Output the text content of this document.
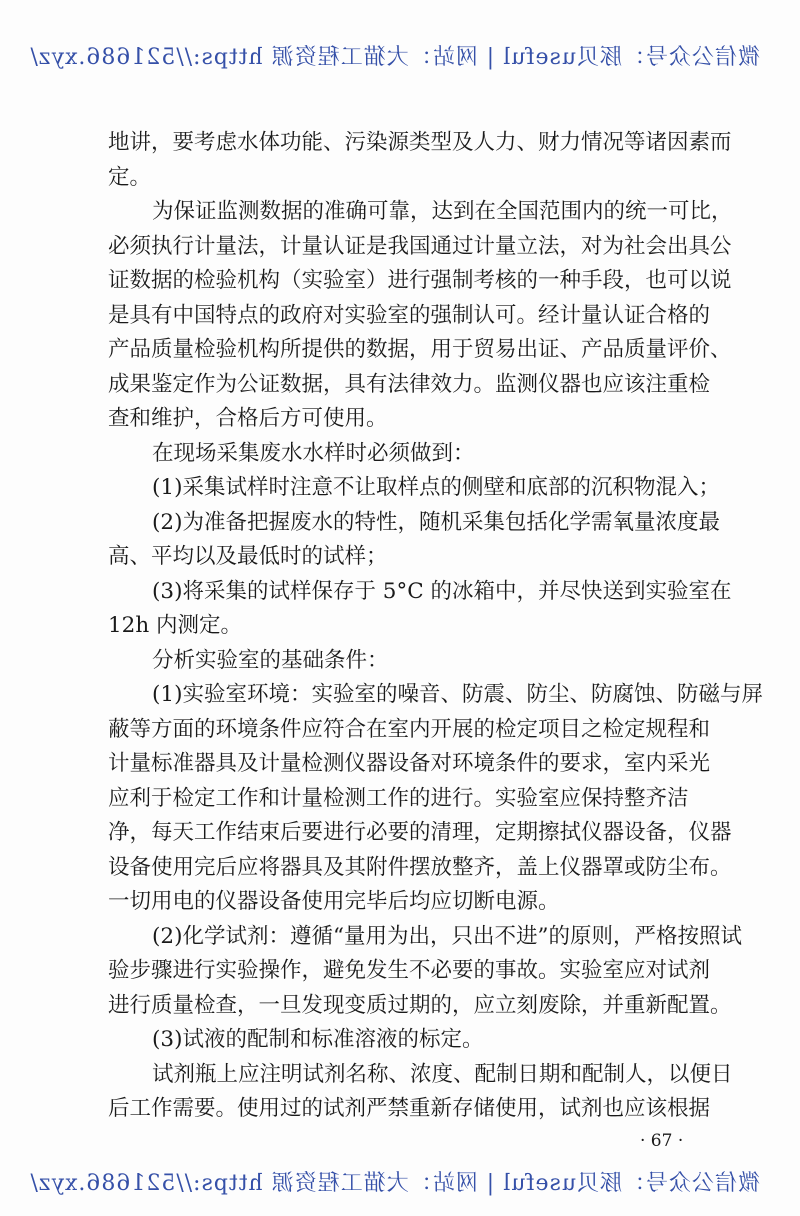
微信公众号：豚贝useful | 网站：大猫工程资源 https://521686.xyz/
地讲，要考虑水体功能、污染源类型及人力、财力情况等诸因素而
定。
为保证监测数据的准确可靠，达到在全国范围内的统一可比，
必须执行计量法，计量认证是我国通过计量立法，对为社会出具公
证数据的检验机构（实验室）进行强制考核的一种手段，也可以说
是具有中国特点的政府对实验室的强制认可。经计量认证合格的
产品质量检验机构所提供的数据，用于贸易出证、产品质量评价、
成果鉴定作为公证数据，具有法律效力。监测仪器也应该注重检
查和维护，合格后方可使用。
在现场采集废水水样时必须做到：
(1)采集试样时注意不让取样点的侧壁和底部的沉积物混入；
(2)为准备把握废水的特性，随机采集包括化学需氧量浓度最
高、平均以及最低时的试样；
(3)将采集的试样保存于 5°C 的冰箱中，并尽快送到实验室在
12h 内测定。
分析实验室的基础条件：
(1)实验室环境：实验室的噪音、防震、防尘、防腐蚀、防磁与屏
蔽等方面的环境条件应符合在室内开展的检定项目之检定规程和
计量标准器具及计量检测仪器设备对环境条件的要求，室内采光
应利于检定工作和计量检测工作的进行。实验室应保持整齐洁
净，每天工作结束后要进行必要的清理，定期擦拭仪器设备，仪器
设备使用完后应将器具及其附件摆放整齐，盖上仪器罩或防尘布。
一切用电的仪器设备使用完毕后均应切断电源。
(2)化学试剂：遵循“量用为出，只出不进”的原则，严格按照试
验步骤进行实验操作，避免发生不必要的事故。实验室应对试剂
进行质量检查，一旦发现变质过期的，应立刻废除，并重新配置。
(3)试液的配制和标准溶液的标定。
试剂瓶上应注明试剂名称、浓度、配制日期和配制人，以便日
后工作需要。使用过的试剂严禁重新存储使用，试剂也应该根据
· 67 ·
微信公众号：豚贝useful | 网站：大猫工程资源 https://521686.xyz/
